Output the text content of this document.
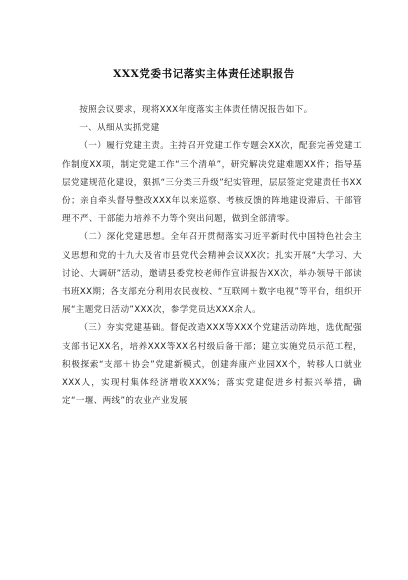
XXX党委书记落实主体责任述职报告

按照会议要求，现将XXX年度落实主体责任情况报告如下。

一、从细从实抓党建

（一）履行党建主责。主持召开党建工作专题会XX次，配套完善党建工作制度XX项，制定党建工作“三个清单”，研究解决党建难题XX件；指导基层党建规范化建设，狠抓“三分类三升级”纪实管理，层层签定党建责任书XX份；亲自牵头督导整改XXX年以来巡察、考核反馈的阵地建设滞后、干部管理不严、干部能力培养不力等个突出问题，做到全部清零。

（二）深化党建思想。全年召开贯彻落实习近平新时代中国特色社会主义思想和党的十九大及省市县党代会精神会议XX次；扎实开展“大学习、大讨论、大调研”活动，邀请县委党校老师作宣讲报告XX次，举办领导干部读书班XX期；各支部充分利用农民夜校、“互联网＋数字电视”等平台，组织开展“主题党日活动”XXX次，参学党员达XXX余人。

（三）夯实党建基础。督促改造XXX等XXX个党建活动阵地，选优配强支部书记XX名，培养XXX等XX名村级后备干部；建立实施党员示范工程，积极探索“支部＋协会”党建新模式，创建奔康产业园XX个，转移人口就业XXX人，实现村集体经济增收XXX%；落实党建促进乡村振兴举措，确定“一堰、两线”的农业产业发展
